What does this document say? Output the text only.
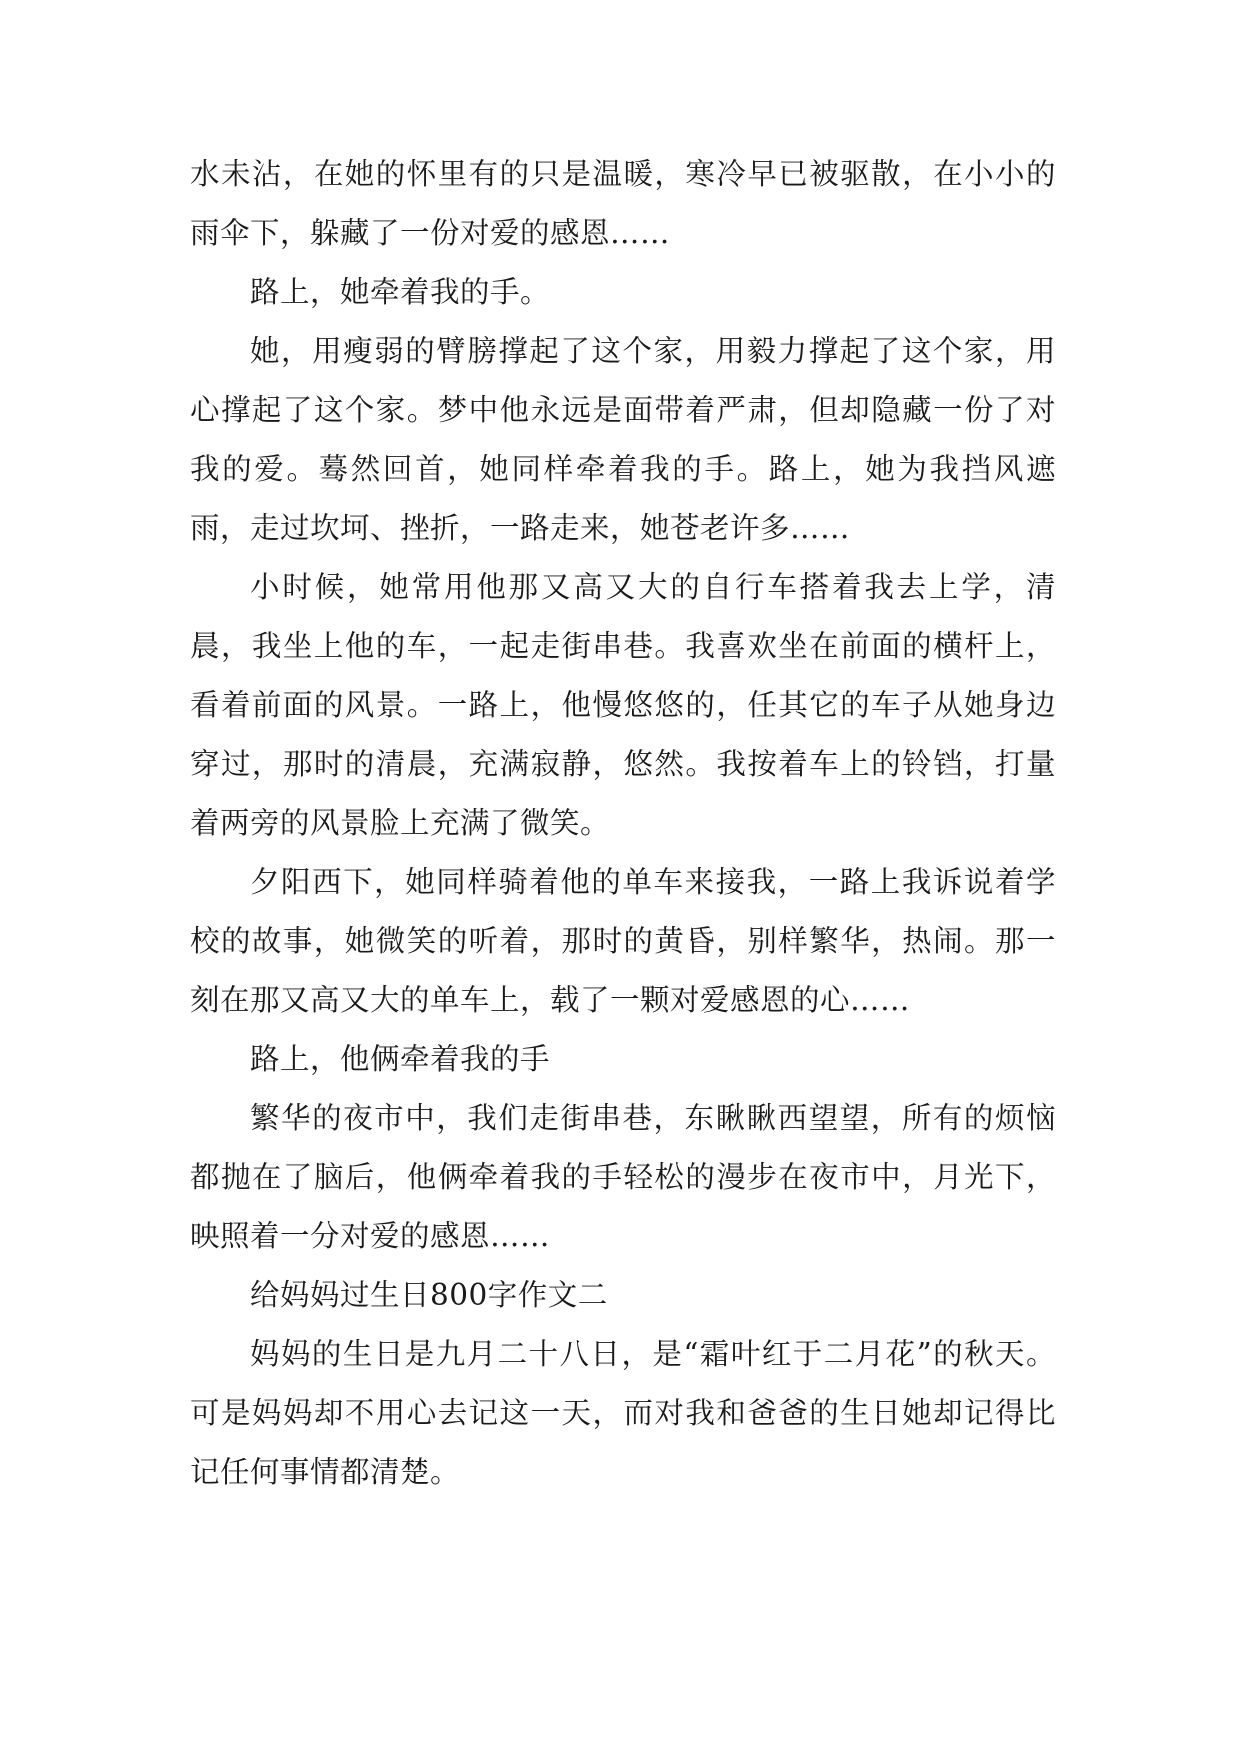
水未沾，在她的怀里有的只是温暖，寒冷早已被驱散，在小小的雨伞下，躲藏了一份对爱的感恩……

路上，她牵着我的手。

她，用瘦弱的臂膀撑起了这个家，用毅力撑起了这个家，用心撑起了这个家。梦中他永远是面带着严肃，但却隐藏一份了对我的爱。蓦然回首，她同样牵着我的手。路上，她为我挡风遮雨，走过坎坷、挫折，一路走来，她苍老许多……

小时候，她常用他那又高又大的自行车搭着我去上学，清晨，我坐上他的车，一起走街串巷。我喜欢坐在前面的横杆上，看着前面的风景。一路上，他慢悠悠的，任其它的车子从她身边穿过，那时的清晨，充满寂静，悠然。我按着车上的铃铛，打量着两旁的风景脸上充满了微笑。

夕阳西下，她同样骑着他的单车来接我，一路上我诉说着学校的故事，她微笑的听着，那时的黄昏，别样繁华，热闹。那一刻在那又高又大的单车上，载了一颗对爱感恩的心……

路上，他俩牵着我的手

繁华的夜市中，我们走街串巷，东瞅瞅西望望，所有的烦恼都抛在了脑后，他俩牵着我的手轻松的漫步在夜市中，月光下，映照着一分对爱的感恩……

给妈妈过生日800字作文二

妈妈的生日是九月二十八日，是“霜叶红于二月花”的秋天。可是妈妈却不用心去记这一天，而对我和爸爸的生日她却记得比记任何事情都清楚。
